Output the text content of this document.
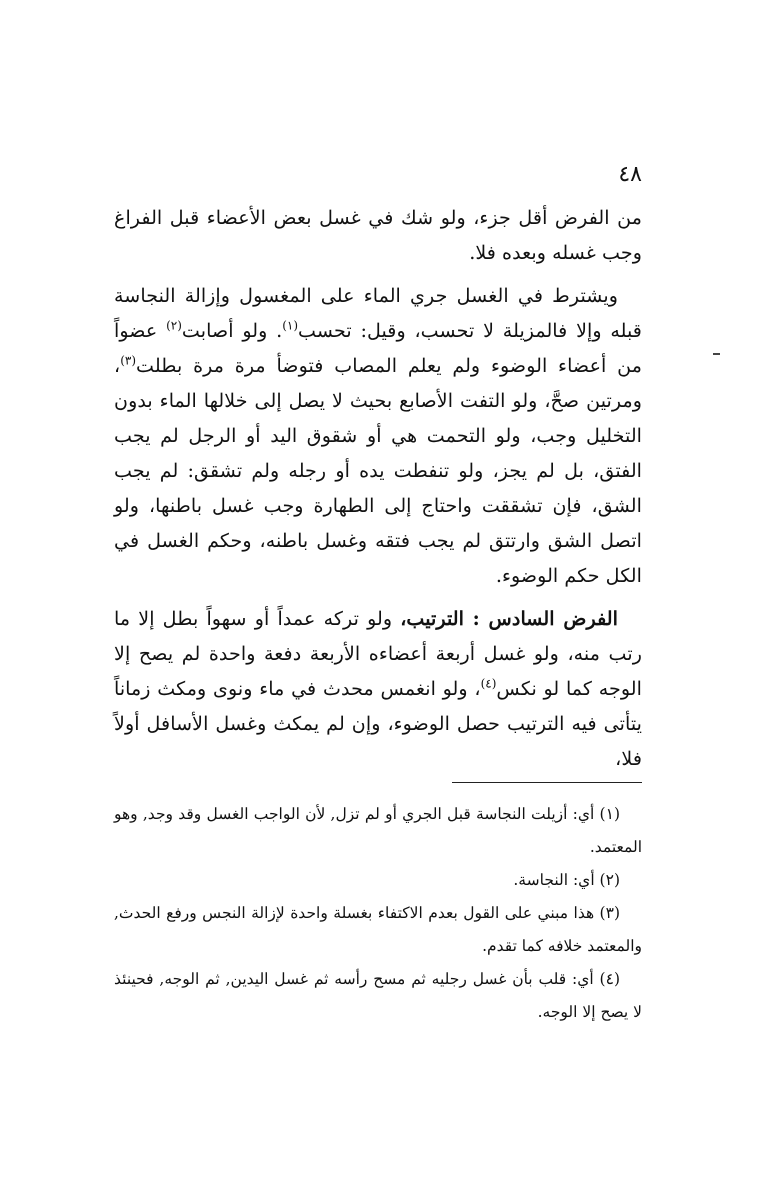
٤٨

من الفرض أقل جزء، ولو شك في غسل بعض الأعضاء قبل الفراغ وجب غسله وبعده فلا.

ويشترط في الغسل جري الماء على المغسول وإزالة النجاسة قبله وإلا فالمزيلة لا تحسب، وقيل: تحسب$^{(١)}$. ولو أصابت$^{(٢)}$ عضواً من أعضاء الوضوء ولم يعلم المصاب فتوضأ مرة مرة بطلت$^{(٣)}$، ومرتين صحَّ، ولو التفت الأصابع بحيث لا يصل إلى خلالها الماء بدون التخليل وجب، ولو التحمت هي أو شقوق اليد أو الرجل لم يجب الفتق، بل لم يجز، ولو تنفطت يده أو رجله ولم تشقق: لم يجب الشق، فإن تشققت واحتاج إلى الطهارة وجب غسل باطنها، ولو اتصل الشق وارتتق لم يجب فتقه وغسل باطنه، وحكم الغسل في الكل حكم الوضوء.

الفرض السادس : الترتيب، ولو تركه عمداً أو سهواً بطل إلا ما رتب منه، ولو غسل أربعة أعضاءه الأربعة دفعة واحدة لم يصح إلا الوجه كما لو نكس$^{(٤)}$، ولو انغمس محدث في ماء ونوى ومكث زماناً يتأتى فيه الترتيب حصل الوضوء، وإن لم يمكث وغسل الأسافل أولاً فلا،

(١) أي: أزيلت النجاسة قبل الجري أو لم تزل, لأن الواجب الغسل وقد وجد, وهو المعتمد.

(٢) أي: النجاسة.

(٣) هذا مبني على القول بعدم الاكتفاء بغسلة واحدة لإزالة النجس ورفع الحدث, والمعتمد خلافه كما تقدم.

(٤) أي: قلب بأن غسل رجليه ثم مسح رأسه ثم غسل اليدين, ثم الوجه, فحينئذ لا يصح إلا الوجه.
